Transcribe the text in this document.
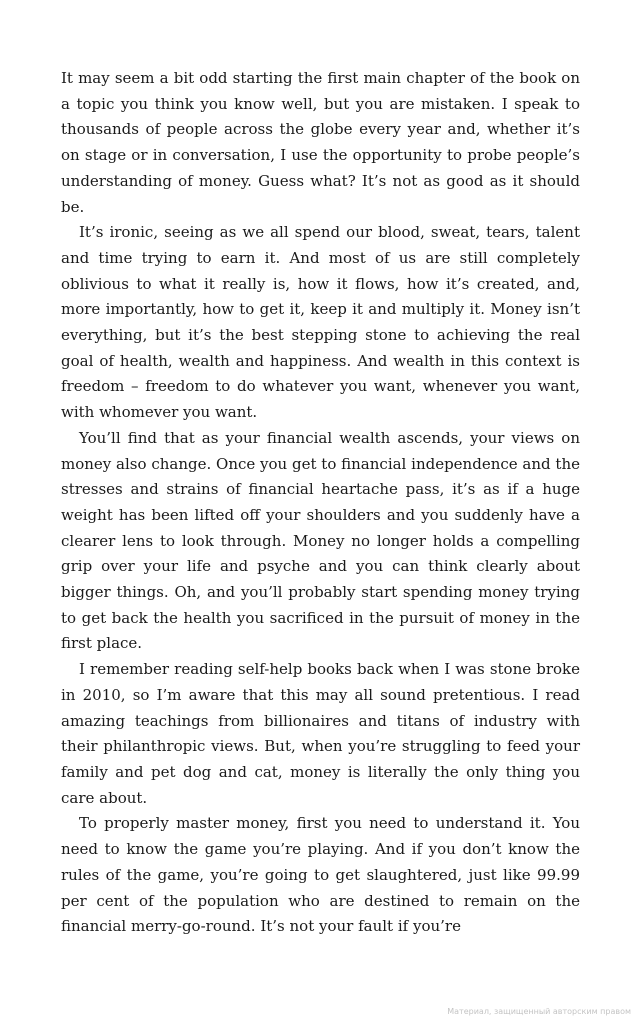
It may seem a bit odd starting the first main chapter of the book on a topic you think you know well, but you are mistaken. I speak to thousands of people across the globe every year and, whether it’s on stage or in conversation, I use the opportunity to probe people’s understanding of money. Guess what? It’s not as good as it should be.

It’s ironic, seeing as we all spend our blood, sweat, tears, talent and time trying to earn it. And most of us are still completely oblivious to what it really is, how it flows, how it’s created, and, more importantly, how to get it, keep it and multiply it. Money isn’t everything, but it’s the best stepping stone to achieving the real goal of health, wealth and happiness. And wealth in this context is freedom – freedom to do whatever you want, whenever you want, with whomever you want.

You’ll find that as your financial wealth ascends, your views on money also change. Once you get to financial independence and the stresses and strains of financial heartache pass, it’s as if a huge weight has been lifted off your shoulders and you suddenly have a clearer lens to look through. Money no longer holds a compelling grip over your life and psyche and you can think clearly about bigger things. Oh, and you’ll probably start spending money trying to get back the health you sacrificed in the pursuit of money in the first place.

I remember reading self-help books back when I was stone broke in 2010, so I’m aware that this may all sound pretentious. I read amazing teachings from billionaires and titans of industry with their philanthropic views. But, when you’re struggling to feed your family and pet dog and cat, money is literally the only thing you care about.

To properly master money, first you need to understand it. You need to know the game you’re playing. And if you don’t know the rules of the game, you’re going to get slaughtered, just like 99.99 per cent of the population who are destined to remain on the financial merry-go-round. It’s not your fault if you’re

Материал, защищенный авторским правом
